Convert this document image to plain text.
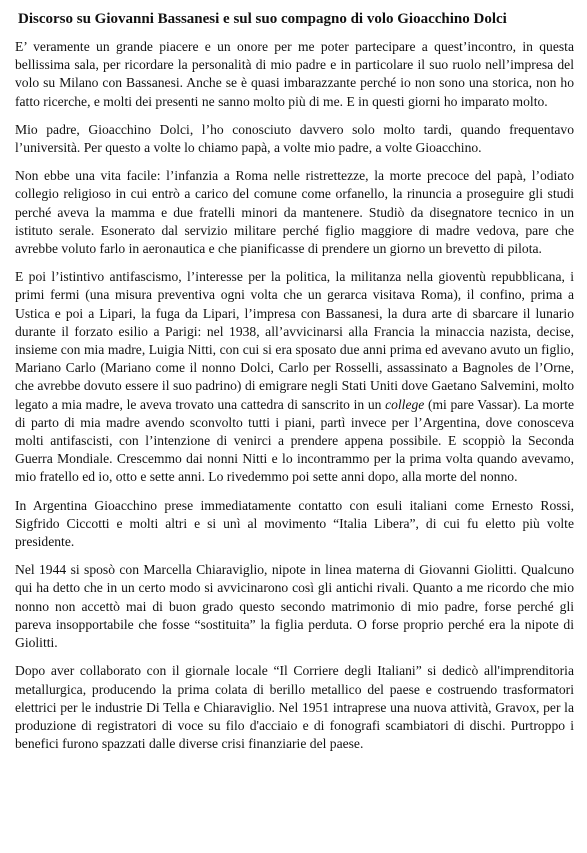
Discorso su Giovanni Bassanesi e sul suo compagno di volo Gioacchino Dolci

E’ veramente un grande piacere e un onore per me poter partecipare a quest’incontro, in questa bellissima sala, per ricordare la personalità di mio padre e in particolare il suo ruolo nell’impresa del volo su Milano con Bassanesi. Anche se è quasi imbarazzante perché io non sono una storica, non ho fatto ricerche, e molti dei presenti ne sanno molto più di me. E in questi giorni ho imparato molto.

Mio padre, Gioacchino Dolci, l’ho conosciuto davvero solo molto tardi, quando frequentavo l’università. Per questo a volte lo chiamo papà, a volte mio padre, a volte Gioacchino.

Non ebbe una vita facile: l’infanzia a Roma nelle ristrettezze, la morte precoce del papà, l’odiato collegio religioso in cui entrò a carico del comune come orfanello, la rinuncia a proseguire gli studi perché aveva la mamma e due fratelli minori da mantenere. Studiò da disegnatore tecnico in un istituto serale. Esonerato dal servizio militare perché figlio maggiore di madre vedova, pare che avrebbe voluto farlo in aeronautica e che pianificasse di prendere un giorno un brevetto di pilota.

E poi l’istintivo antifascismo, l’interesse per la politica, la militanza nella gioventù repubblicana, i primi fermi (una misura preventiva ogni volta che un gerarca visitava Roma), il confino, prima a Ustica e poi a Lipari, la fuga da Lipari, l’impresa con Bassanesi, la dura arte di sbarcare il lunario durante il forzato esilio a Parigi: nel 1938, all’avvicinarsi alla Francia la minaccia nazista, decise, insieme con mia madre, Luigia Nitti, con cui si era sposato due anni prima ed avevano avuto un figlio, Mariano Carlo (Mariano come il nonno Dolci, Carlo per Rosselli, assassinato a Bagnoles de l’Orne, che avrebbe dovuto essere il suo padrino) di emigrare negli Stati Uniti dove Gaetano Salvemini, molto legato a mia madre, le aveva trovato una cattedra di sanscrito in un college (mi pare Vassar). La morte di parto di mia madre avendo sconvolto tutti i piani, partì invece per l’Argentina, dove conosceva molti antifascisti, con l’intenzione di venirci a prendere appena possibile. E scoppiò la Seconda Guerra Mondiale. Crescemmo dai nonni Nitti e lo incontrammo per la prima volta quando avevamo, mio fratello ed io, otto e sette anni. Lo rivedemmo poi sette anni dopo, alla morte del nonno.

In Argentina Gioacchino prese immediatamente contatto con esuli italiani come Ernesto Rossi, Sigfrido Ciccotti e molti altri e si unì al movimento “Italia Libera”, di cui fu eletto più volte presidente.

Nel 1944 si sposò con Marcella Chiaraviglio, nipote in linea materna di Giovanni Giolitti. Qualcuno qui ha detto che in un certo modo si avvicinarono così gli antichi rivali. Quanto a me ricordo che mio nonno non accettò mai di buon grado questo secondo matrimonio di mio padre, forse perché gli pareva insopportabile che fosse “sostituita” la figlia perduta. O forse proprio perché era la nipote di Giolitti.

Dopo aver collaborato con il giornale locale “Il Corriere degli Italiani” si dedicò all'imprenditoria metallurgica, producendo la prima colata di berillo metallico del paese e costruendo trasformatori elettrici per le industrie Di Tella e Chiaraviglio. Nel 1951 intraprese una nuova attività, Gravox, per la produzione di registratori di voce su filo d'acciaio e di fonografi scambiatori di dischi. Purtroppo i benefici furono spazzati dalle diverse crisi finanziarie del paese.
